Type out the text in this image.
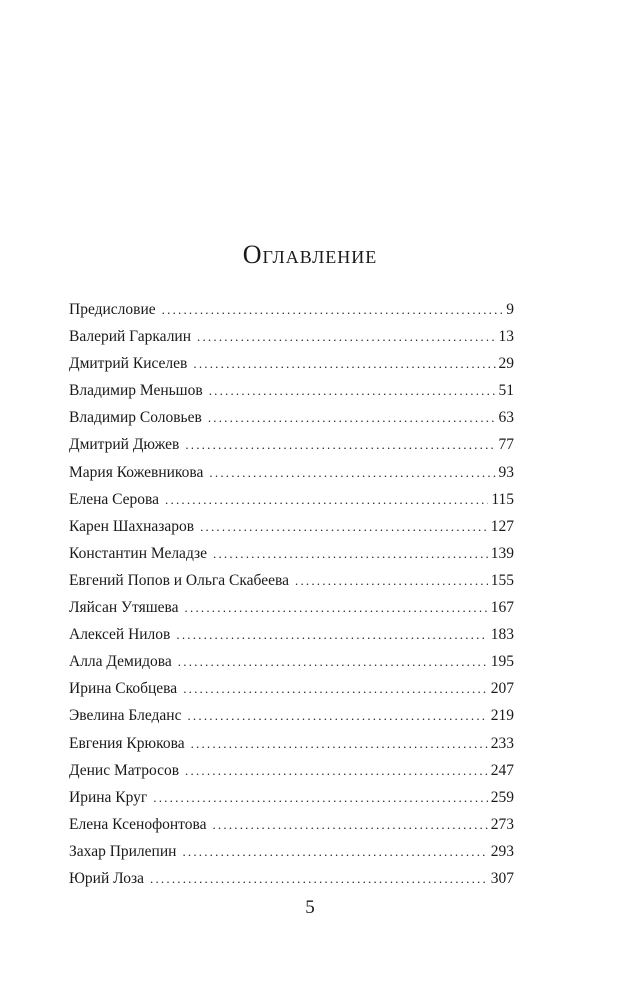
Оглавление
Предисловие .....	9
Валерий Гаркалин .....	13
Дмитрий Киселев .....	29
Владимир Меньшов .....	51
Владимир Соловьев .....	63
Дмитрий Дюжев .....	77
Мария Кожевникова .....	93
Елена Серова .....	115
Карен Шахназаров .....	127
Константин Меладзе .....	139
Евгений Попов и Ольга Скабеева .....	155
Ляйсан Утяшева .....	167
Алексей Нилов .....	183
Алла Демидова .....	195
Ирина Скобцева .....	207
Эвелина Бледанс .....	219
Евгения Крюкова .....	233
Денис Матросов .....	247
Ирина Круг .....	259
Елена Ксенофонтова .....	273
Захар Прилепин .....	293
Юрий Лоза .....	307
5
